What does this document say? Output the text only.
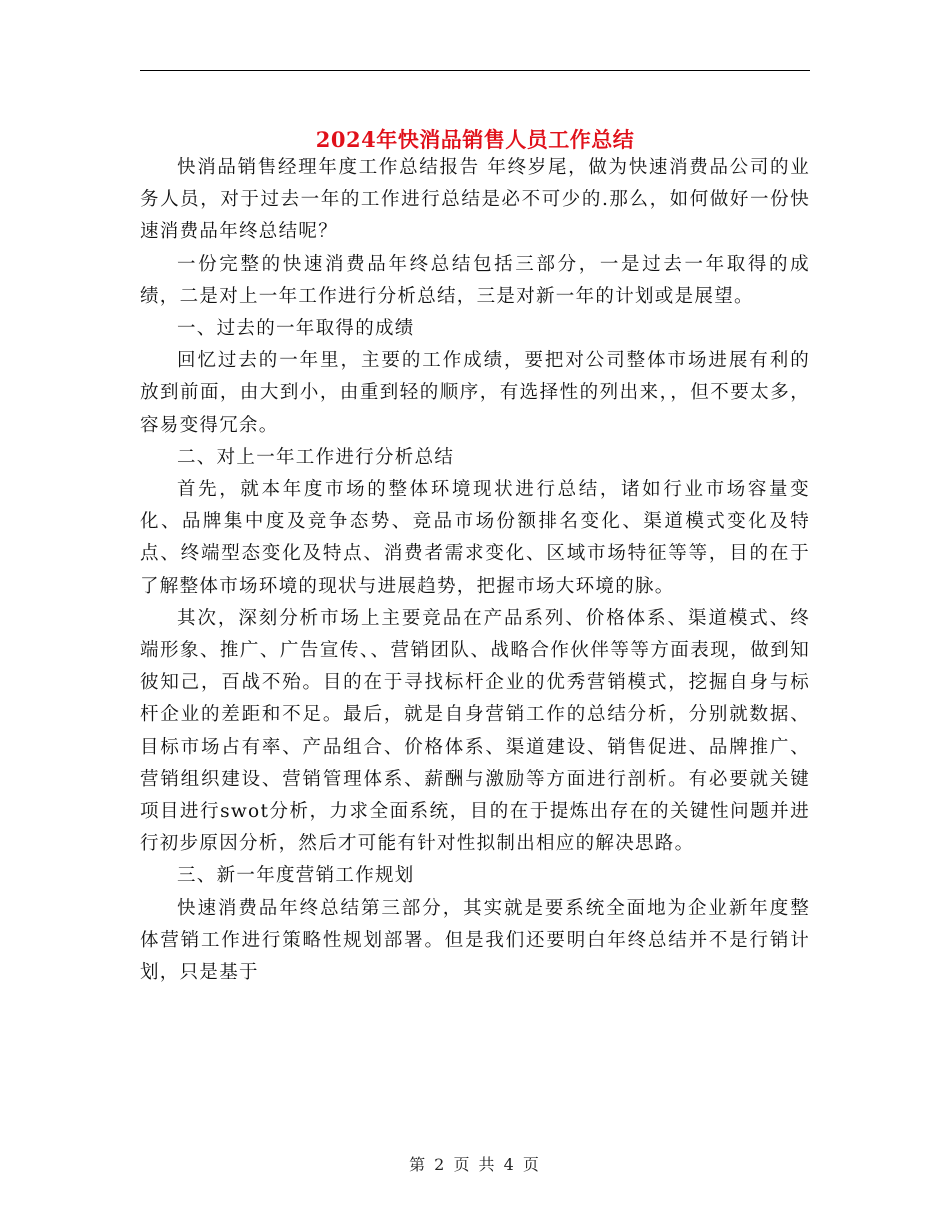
2024年快消品销售人员工作总结

快消品销售经理年度工作总结报告 年终岁尾，做为快速消费品公司的业务人员，对于过去一年的工作进行总结是必不可少的.那么，如何做好一份快速消费品年终总结呢？

一份完整的快速消费品年终总结包括三部分，一是过去一年取得的成绩，二是对上一年工作进行分析总结，三是对新一年的计划或是展望。

一、过去的一年取得的成绩

回忆过去的一年里，主要的工作成绩，要把对公司整体市场进展有利的放到前面，由大到小，由重到轻的顺序，有选择性的列出来，，但不要太多，容易变得冗余。

二、对上一年工作进行分析总结

首先，就本年度市场的整体环境现状进行总结，诸如行业市场容量变化、品牌集中度及竞争态势、竞品市场份额排名变化、渠道模式变化及特点、终端型态变化及特点、消费者需求变化、区域市场特征等等，目的在于了解整体市场环境的现状与进展趋势，把握市场大环境的脉。

其次，深刻分析市场上主要竞品在产品系列、价格体系、渠道模式、终端形象、推广、广告宣传、、营销团队、战略合作伙伴等等方面表现，做到知彼知己，百战不殆。目的在于寻找标杆企业的优秀营销模式，挖掘自身与标杆企业的差距和不足。最后，就是自身营销工作的总结分析，分别就数据、目标市场占有率、产品组合、价格体系、渠道建设、销售促进、品牌推广、营销组织建设、营销管理体系、薪酬与激励等方面进行剖析。有必要就关键项目进行swot分析，力求全面系统，目的在于提炼出存在的关键性问题并进行初步原因分析，然后才可能有针对性拟制出相应的解决思路。

三、新一年度营销工作规划

快速消费品年终总结第三部分，其实就是要系统全面地为企业新年度整体营销工作进行策略性规划部署。但是我们还要明白年终总结并不是行销计划，只是基于

第 2 页 共 4 页
